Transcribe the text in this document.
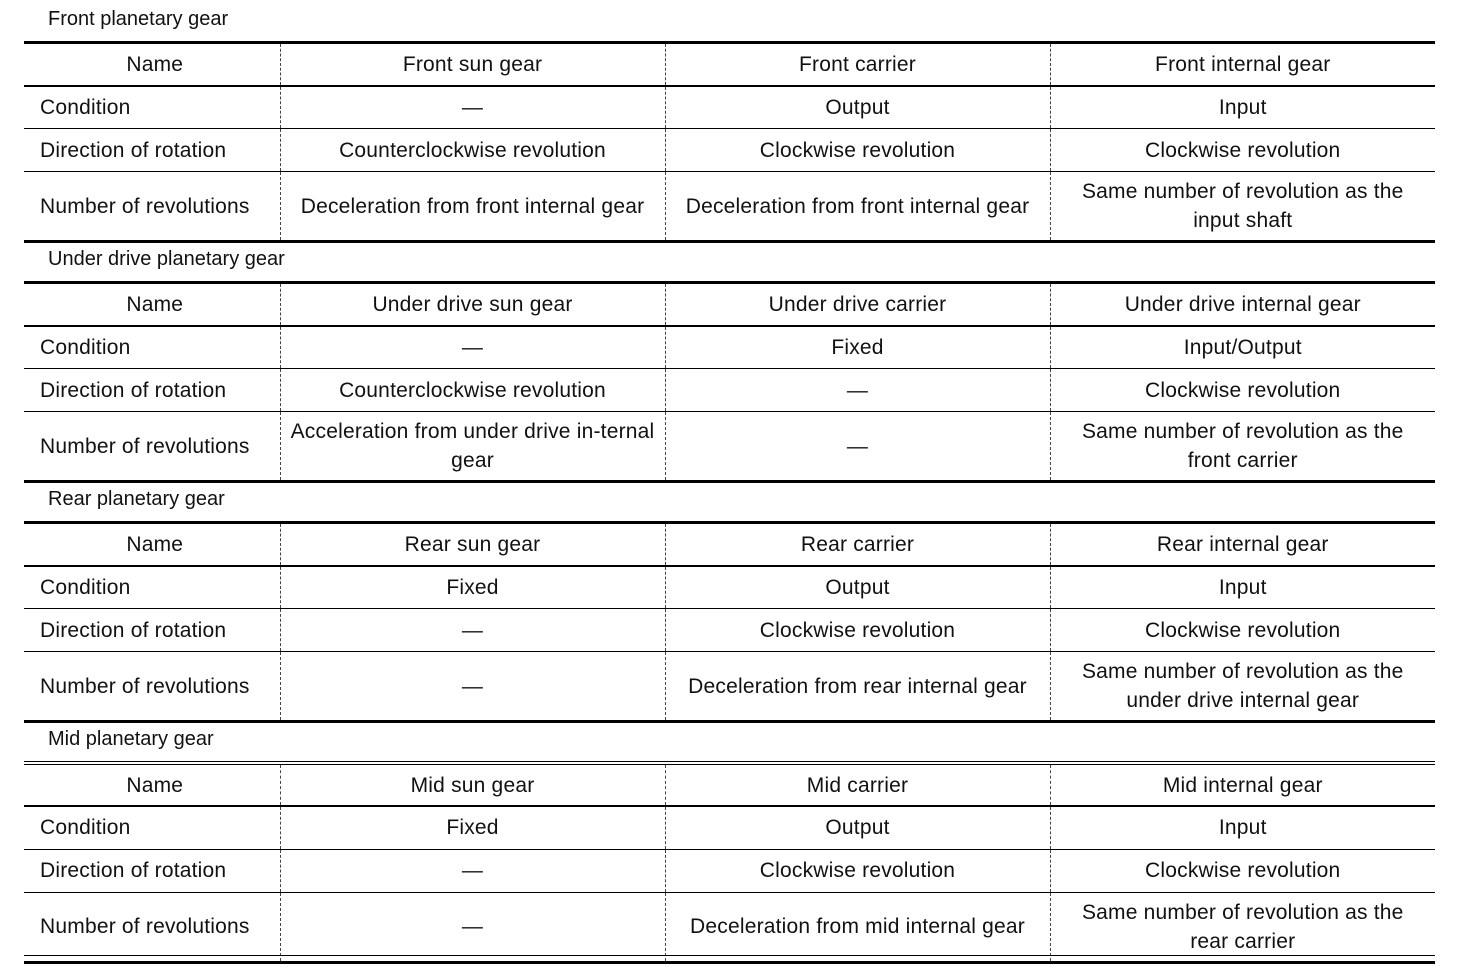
Front planetary gear
Name	Front sun gear	Front carrier	Front internal gear
Condition	—	Output	Input
Direction of rotation	Counterclockwise revolution	Clockwise revolution	Clockwise revolution
Number of revolutions	Deceleration from front internal gear	Deceleration from front internal gear	Same number of revolution as the input shaft
Under drive planetary gear
Name	Under drive sun gear	Under drive carrier	Under drive internal gear
Condition	—	Fixed	Input/Output
Direction of rotation	Counterclockwise revolution	—	Clockwise revolution
Number of revolutions	Acceleration from under drive in-ternal gear	—	Same number of revolution as the front carrier
Rear planetary gear
Name	Rear sun gear	Rear carrier	Rear internal gear
Condition	Fixed	Output	Input
Direction of rotation	—	Clockwise revolution	Clockwise revolution
Number of revolutions	—	Deceleration from rear internal gear	Same number of revolution as the under drive internal gear
Mid planetary gear
Name	Mid sun gear	Mid carrier	Mid internal gear
Condition	Fixed	Output	Input
Direction of rotation	—	Clockwise revolution	Clockwise revolution
Number of revolutions	—	Deceleration from mid internal gear	Same number of revolution as the rear carrier
